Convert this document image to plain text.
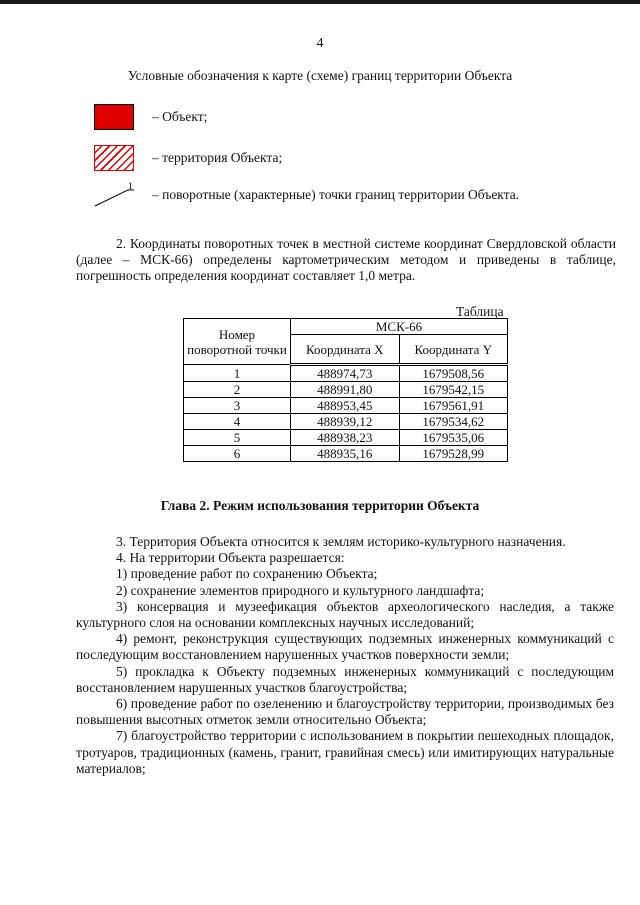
4
Условные обозначения к карте (схеме) границ территории Объекта
– Объект;
– территория Объекта;
1
– поворотные (характерные) точки границ территории Объекта.
2. Координаты поворотных точек в местной системе координат Свердловской области (далее – МСК-66) определены картометрическим методом и приведены в таблице, погрешность определения координат составляет 1,0 метра.
Таблица
Номер поворотной точки	МСК-66	
	Координата X	Координата Y
1	488974,73	1679508,56
2	488991,80	1679542,15
3	488953,45	1679561,91
4	488939,12	1679534,62
5	488938,23	1679535,06
6	488935,16	1679528,99
Глава 2. Режим использования территории Объекта

3. Территория Объекта относится к землям историко-культурного назначения.

4. На территории Объекта разрешается:

1) проведение работ по сохранению Объекта;

2) сохранение элементов природного и культурного ландшафта;

3) консервация и музеефикация объектов археологического наследия, а также культурного слоя на основании комплексных научных исследований;

4) ремонт, реконструкция существующих подземных инженерных коммуникаций с последующим восстановлением нарушенных участков поверхности земли;

5) прокладка к Объекту подземных инженерных коммуникаций с последующим восстановлением нарушенных участков благоустройства;

6) проведение работ по озеленению и благоустройству территории, производимых без повышения высотных отметок земли относительно Объекта;

7) благоустройство территории с использованием в покрытии пешеходных площадок, тротуаров, традиционных (камень, гранит, гравийная смесь) или имитирующих натуральные материалов;
